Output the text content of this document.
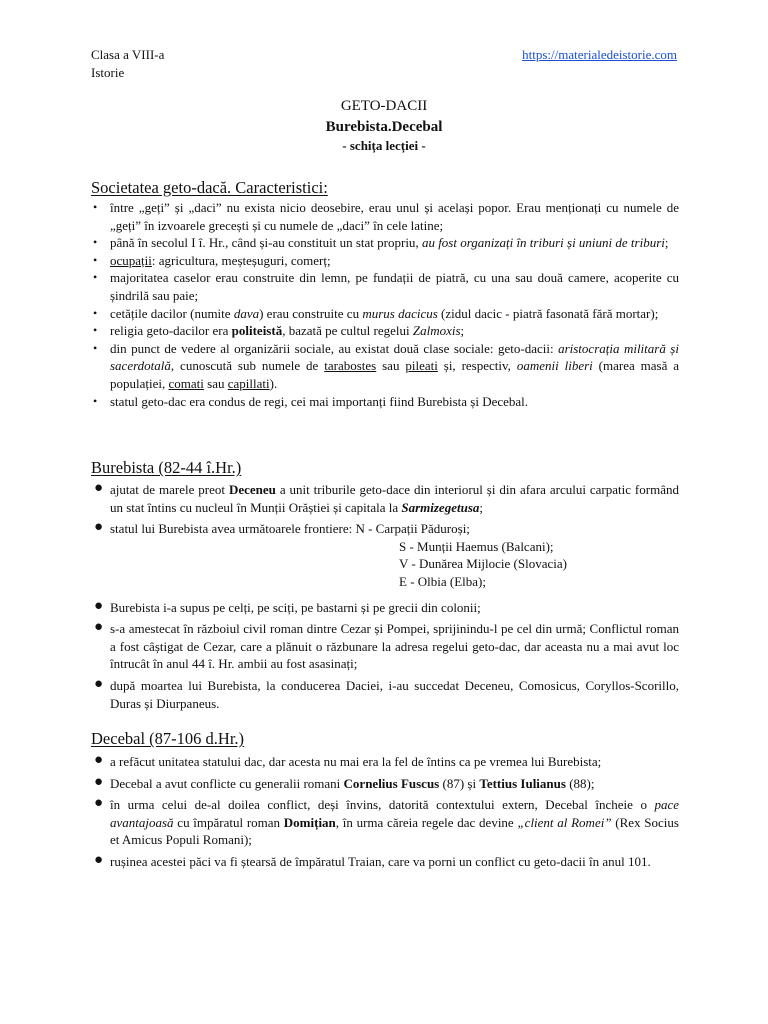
Clasa a VIII-a
Istorie
https://materialedeistorie.com
GETO-DACII
Burebista.Decebal
- schița lecției -
Societatea geto-dacă. Caracteristici:
• între „geți” și „daci” nu exista nicio deosebire, erau unul și același popor. Erau menționați cu numele de „geți” în izvoarele grecești și cu numele de „daci” în cele latine;
• până în secolul I î. Hr., când și-au constituit un stat propriu, au fost organizați în triburi și uniuni de triburi;
• ocupații: agricultura, meșteșuguri, comerț;
• majoritatea caselor erau construite din lemn, pe fundații de piatră, cu una sau două camere, acoperite cu șindrilă sau paie;
• cetățile dacilor (numite dava) erau construite cu murus dacicus (zidul dacic - piatră fasonată fără mortar);
• religia geto-dacilor era politeistă, bazată pe cultul regelui Zalmoxis;
• din punct de vedere al organizării sociale, au existat două clase sociale: geto-dacii: aristocrația militară și sacerdotală, cunoscută sub numele de tarabostes sau pileati și, respectiv, oamenii liberi (marea masă a populației, comati sau capillati).
• statul geto-dac era condus de regi, cei mai importanți fiind Burebista și Decebal.
Burebista (82-44 î.Hr.)
● ajutat de marele preot Deceneu a unit triburile geto-dace din interiorul și din afara arcului carpatic formând un stat întins cu nucleul în Munții Orăștiei și capitala la Sarmizegetusa;
● statul lui Burebista avea următoarele frontiere: N - Carpații Păduroși;
S - Munții Haemus (Balcani);
V - Dunărea Mijlocie (Slovacia)
E - Olbia (Elba);
● Burebista i-a supus pe celți, pe sciți, pe bastarni și pe grecii din colonii;
● s-a amestecat în războiul civil roman dintre Cezar și Pompei, sprijinindu-l pe cel din urmă; Conflictul roman a fost câștigat de Cezar, care a plănuit o răzbunare la adresa regelui geto-dac, dar aceasta nu a mai avut loc întrucât în anul 44 î. Hr. ambii au fost asasinați;
● după moartea lui Burebista, la conducerea Daciei, i-au succedat Deceneu, Comosicus, Coryllos-Scorillo, Duras și Diurpaneus.
Decebal (87-106 d.Hr.)
● a refăcut unitatea statului dac, dar acesta nu mai era la fel de întins ca pe vremea lui Burebista;
● Decebal a avut conflicte cu generalii romani Cornelius Fuscus (87) și Tettius Iulianus (88);
● în urma celui de-al doilea conflict, deși învins, datorită contextului extern, Decebal încheie o pace avantajoasă cu împăratul roman Domițian, în urma căreia regele dac devine „client al Romei” (Rex Socius et Amicus Populi Romani);
● rușinea acestei păci va fi ștearsă de împăratul Traian, care va porni un conflict cu geto-dacii în anul 101.
